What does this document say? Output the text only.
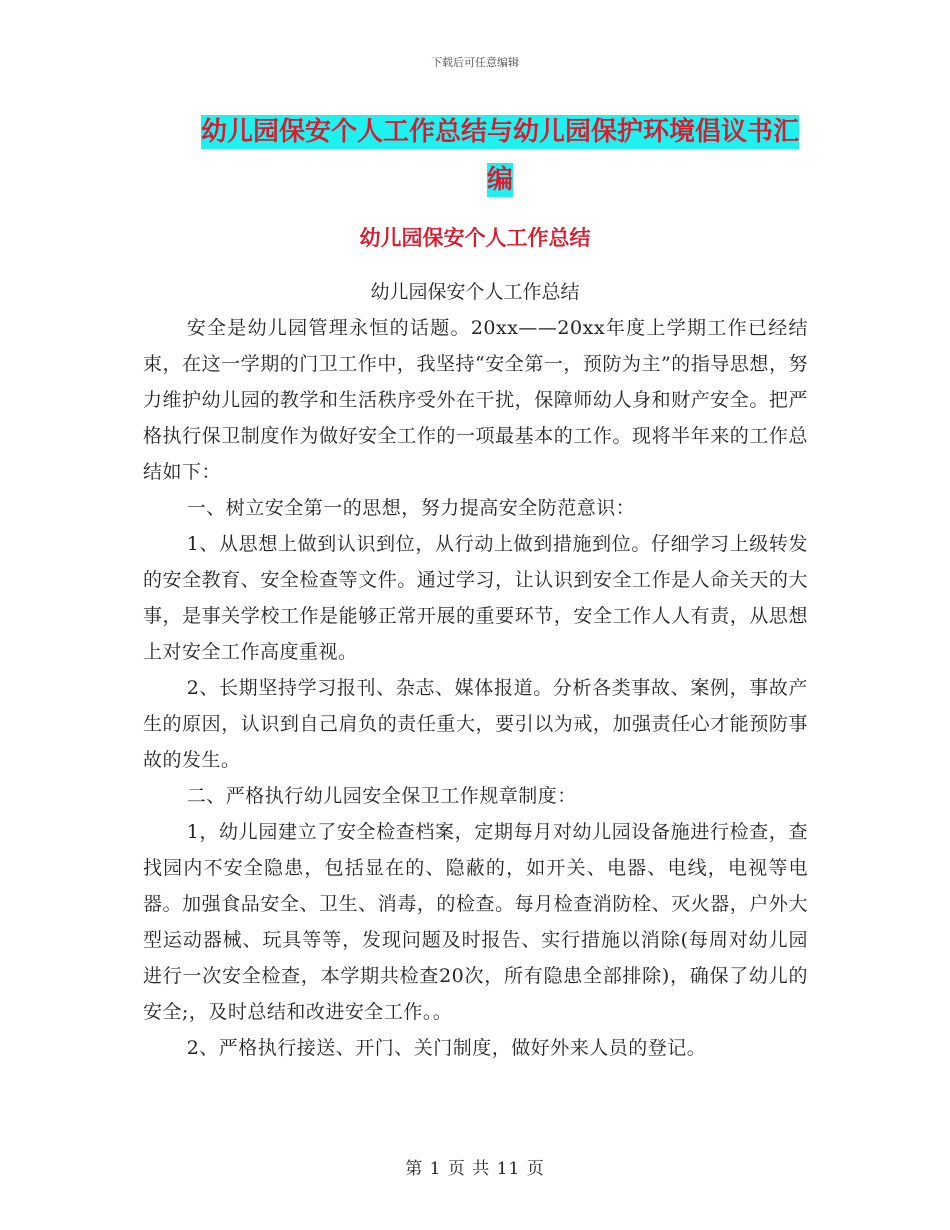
下载后可任意编辑
幼儿园保安个人工作总结与幼儿园保护环境倡议书汇编
幼儿园保安个人工作总结
幼儿园保安个人工作总结

安全是幼儿园管理永恒的话题。20xx——20xx年度上学期工作已经结束，在这一学期的门卫工作中，我坚持“安全第一，预防为主”的指导思想，努力维护幼儿园的教学和生活秩序受外在干扰，保障师幼人身和财产安全。把严格执行保卫制度作为做好安全工作的一项最基本的工作。现将半年来的工作总结如下：

一、树立安全第一的思想，努力提高安全防范意识：

1、从思想上做到认识到位，从行动上做到措施到位。仔细学习上级转发的安全教育、安全检查等文件。通过学习，让认识到安全工作是人命关天的大事，是事关学校工作是能够正常开展的重要环节，安全工作人人有责，从思想上对安全工作高度重视。

2、长期坚持学习报刊、杂志、媒体报道。分析各类事故、案例，事故产生的原因，认识到自己肩负的责任重大，要引以为戒，加强责任心才能预防事故的发生。

二、严格执行幼儿园安全保卫工作规章制度：

1，幼儿园建立了安全检查档案，定期每月对幼儿园设备施进行检查，查找园内不安全隐患，包括显在的、隐蔽的，如开关、电器、电线，电视等电器。加强食品安全、卫生、消毒，的检查。每月检查消防栓、灭火器，户外大型运动器械、玩具等等，发现问题及时报告、实行措施以消除(每周对幼儿园进行一次安全检查，本学期共检查20次，所有隐患全部排除)，确保了幼儿的安全;，及时总结和改进安全工作。。

2、严格执行接送、开门、关门制度，做好外来人员的登记。

第 1 页 共 11 页
